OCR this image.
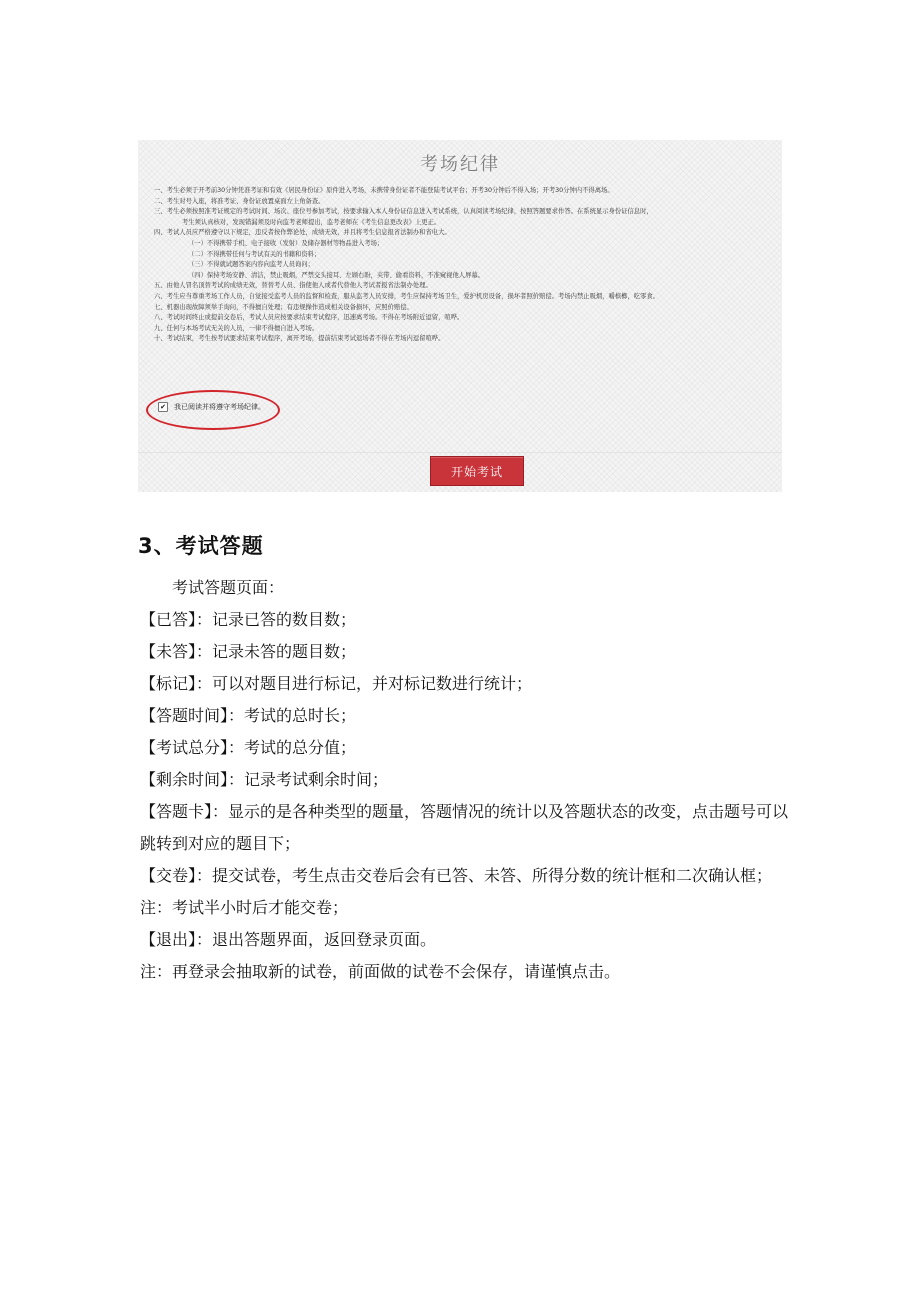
考场纪律
一、考生必须于开考前30分钟凭准考证和有效《居民身份证》原件进入考场，未携带身份证者不能登陆考试平台；开考30分钟后不得入场；开考30分钟内不得离场。
二、考生对号入座，将准考证、身份证放置桌面左上角备查。
三、考生必须按照准考证规定的考试时间、场次、座位号参加考试，按要求输入本人身份证信息进入考试系统，认真阅读考场纪律，按照答题要求作答。在系统显示身份证信息时，
考生须认真核对，发现错漏须及时向监考老师提出，监考老师在《考生信息更改表》上更正。
四、考试人员应严格遵守以下规定，违反者按作弊论处，成绩无效，并且将考生信息报省法制办和省电大。
（一）不得携带手机、电子接收（发射）及储存器材等物品进入考场；
（二）不得携带任何与考试有关的书籍和资料；
（三）不得就试题答案内容向监考人员询问；
（四）保持考场安静、清洁，禁止吸烟，严禁交头接耳、左顾右盼，夹带、偷看资料，不准窥视他人屏幕。
五、由他人冒名顶替考试的成绩无效，替替考人员、指使他人或者代替他人考试者报省法制办处理。
六、考生应当尊重考场工作人员，自觉接受监考人员的监督和检查，服从监考人员安排，考生应保持考场卫生，爱护机房设备，损坏者照价赔偿。考场内禁止吸烟，嚼槟榔，吃零食。
七、机器出现故障须举手询问，不得擅自处理；有违规操作造成相关设备损坏，应照价赔偿。
八、考试时间终止或提前交卷后，考试人员应按要求结束考试程序，迅速离考场。不得在考场附近逗留，喧哗。
九、任何与本场考试无关的人员，一律不得擅自进入考场。
十、考试结束，考生按考试要求结束考试程序，离开考场，提前结束考试退场者不得在考场内逗留喧哗。
✔ 我已阅读并将遵守考场纪律。
开始考试
3、考试答题

考试答题页面：

【已答】：记录已答的数目数；

【未答】：记录未答的题目数；

【标记】：可以对题目进行标记，并对标记数进行统计；

【答题时间】：考试的总时长；

【考试总分】：考试的总分值；

【剩余时间】：记录考试剩余时间；

【答题卡】：显示的是各种类型的题量，答题情况的统计以及答题状态的改变，点击题号可以跳转到对应的题目下；

【交卷】：提交试卷，考生点击交卷后会有已答、未答、所得分数的统计框和二次确认框；

注：考试半小时后才能交卷；

【退出】：退出答题界面，返回登录页面。

注：再登录会抽取新的试卷，前面做的试卷不会保存，请谨慎点击。
